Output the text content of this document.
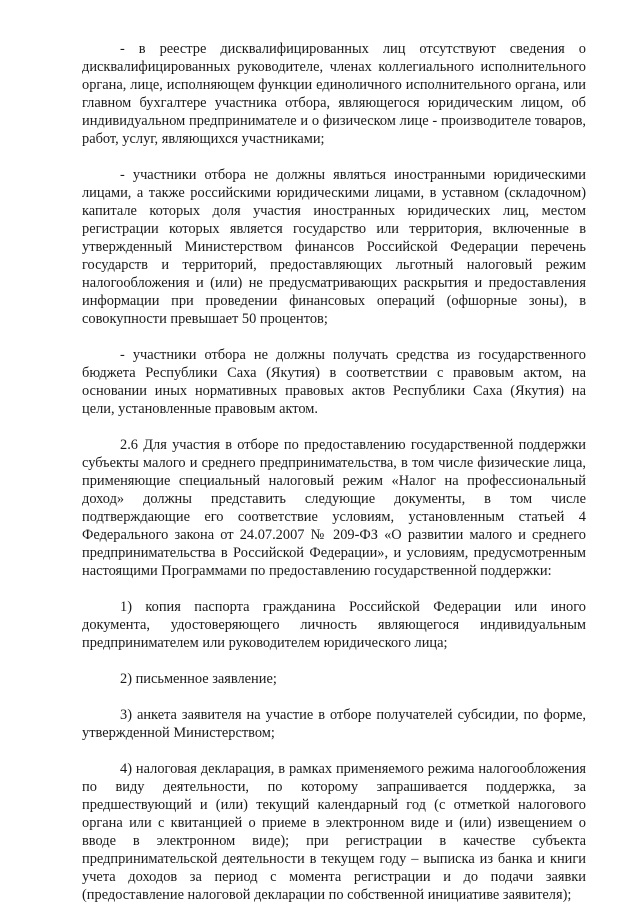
- в реестре дисквалифицированных лиц отсутствуют сведения о дисквалифицированных руководителе, членах коллегиального исполнительного органа, лице, исполняющем функции единоличного исполнительного органа, или главном бухгалтере участника отбора, являющегося юридическим лицом, об индивидуальном предпринимателе и о физическом лице - производителе товаров, работ, услуг, являющихся участниками;

- участники отбора не должны являться иностранными юридическими лицами, а также российскими юридическими лицами, в уставном (складочном) капитале которых доля участия иностранных юридических лиц, местом регистрации которых является государство или территория, включенные в утвержденный Министерством финансов Российской Федерации перечень государств и территорий, предоставляющих льготный налоговый режим налогообложения и (или) не предусматривающих раскрытия и предоставления информации при проведении финансовых операций (офшорные зоны), в совокупности превышает 50 процентов;

- участники отбора не должны получать средства из государственного бюджета Республики Саха (Якутия) в соответствии с правовым актом, на основании иных нормативных правовых актов Республики Саха (Якутия) на цели, установленные правовым актом.

2.6 Для участия в отборе по предоставлению государственной поддержки субъекты малого и среднего предпринимательства, в том числе физические лица, применяющие специальный налоговый режим «Налог на профессиональный доход» должны представить следующие документы, в том числе подтверждающие его соответствие условиям, установленным статьей 4 Федерального закона от 24.07.2007 № 209-ФЗ «О развитии малого и среднего предпринимательства в Российской Федерации», и условиям, предусмотренным настоящими Программами по предоставлению государственной поддержки:

1) копия паспорта гражданина Российской Федерации или иного документа, удостоверяющего личность являющегося индивидуальным предпринимателем или руководителем юридического лица;

2) письменное заявление;

3) анкета заявителя на участие в отборе получателей субсидии, по форме, утвержденной Министерством;

4) налоговая декларация, в рамках применяемого режима налогообложения по виду деятельности, по которому запрашивается поддержка, за предшествующий и (или) текущий календарный год (с отметкой налогового органа или с квитанцией о приеме в электронном виде и (или) извещением о вводе в электронном виде); при регистрации в качестве субъекта предпринимательской деятельности в текущем году – выписка из банка и книги учета доходов за период с момента регистрации и до подачи заявки (предоставление налоговой декларации по собственной инициативе заявителя);
